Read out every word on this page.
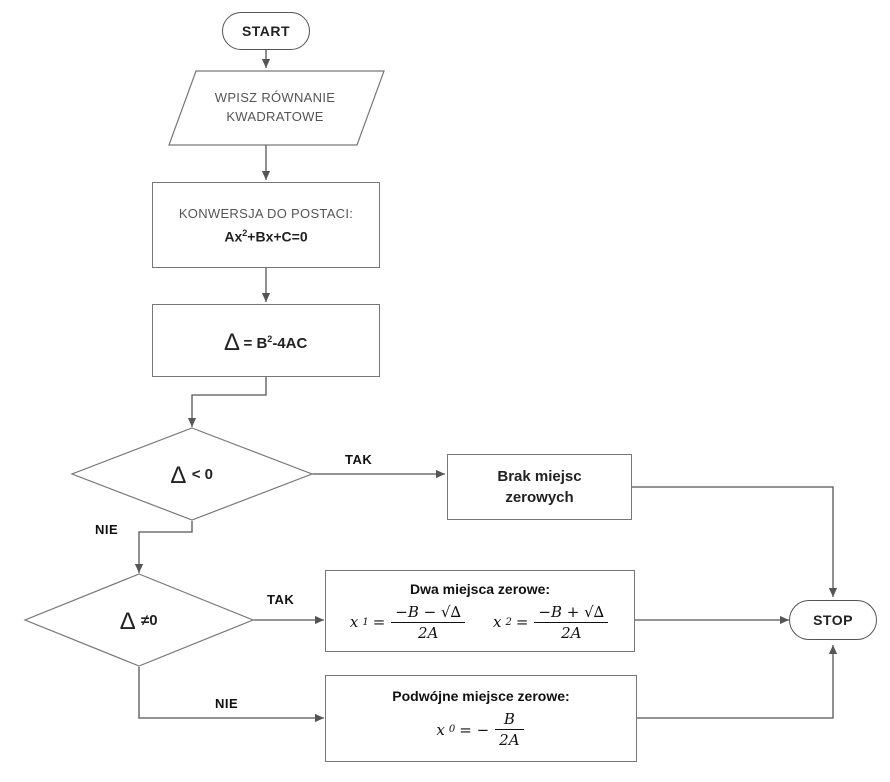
START
WPISZ RÓWNANIE
KWADRATOWE
KONWERSJA DO POSTACI:
$Ax^2+Bx+C=0$
∆ = $B^2-4AC$
∆ < 0
∆ ≠0
TAK
NIE
TAK
NIE
Brak miejsc
zerowych
Dwa miejsca zerowe:
x $1 = \frac{-B - √\Delta}{2A}$ x $2 = \frac{-B + √\Delta}{2A}$
Podwójne miejsce zerowe:
x 0 = − $\frac{B}{2A}$
STOP
